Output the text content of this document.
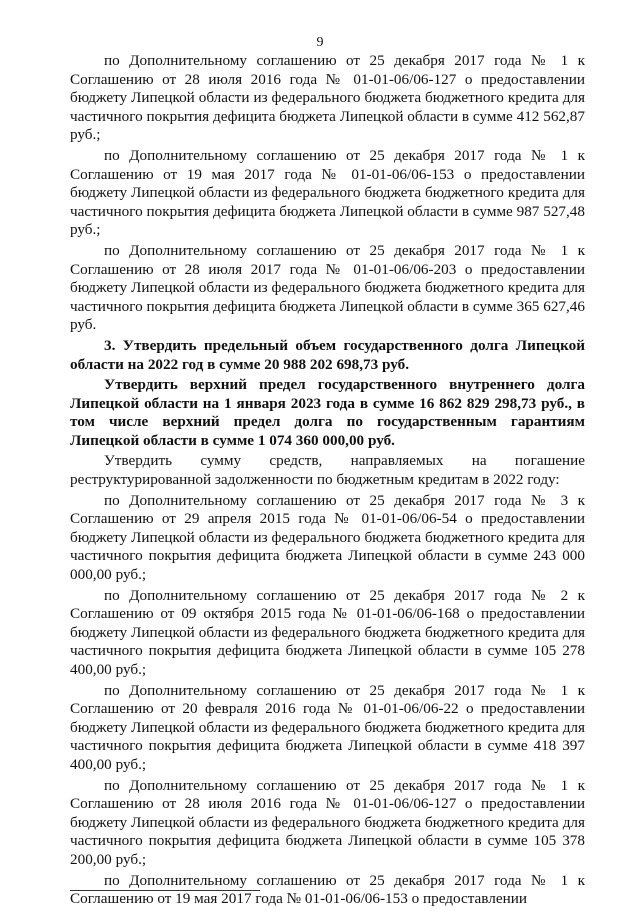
9

по Дополнительному соглашению от 25 декабря 2017 года № 1 к Соглашению от 28 июля 2016 года № 01-01-06/06-127 о предоставлении бюджету Липецкой области из федерального бюджета бюджетного кредита для частичного покрытия дефицита бюджета Липецкой области в сумме 412 562,87 руб.;

по Дополнительному соглашению от 25 декабря 2017 года № 1 к Соглашению от 19 мая 2017 года № 01-01-06/06-153 о предоставлении бюджету Липецкой области из федерального бюджета бюджетного кредита для частичного покрытия дефицита бюджета Липецкой области в сумме 987 527,48 руб.;

по Дополнительному соглашению от 25 декабря 2017 года № 1 к Соглашению от 28 июля 2017 года № 01-01-06/06-203 о предоставлении бюджету Липецкой области из федерального бюджета бюджетного кредита для частичного покрытия дефицита бюджета Липецкой области в сумме 365 627,46 руб.

3. Утвердить предельный объем государственного долга Липецкой области на 2022 год в сумме 20 988 202 698,73 руб.

Утвердить верхний предел государственного внутреннего долга Липецкой области на 1 января 2023 года в сумме 16 862 829 298,73 руб., в том числе верхний предел долга по государственным гарантиям Липецкой области в сумме 1 074 360 000,00 руб.

Утвердить сумму средств, направляемых на погашение реструктурированной задолженности по бюджетным кредитам в 2022 году:

по Дополнительному соглашению от 25 декабря 2017 года № 3 к Соглашению от 29 апреля 2015 года № 01-01-06/06-54 о предоставлении бюджету Липецкой области из федерального бюджета бюджетного кредита для частичного покрытия дефицита бюджета Липецкой области в сумме 243 000 000,00 руб.;

по Дополнительному соглашению от 25 декабря 2017 года № 2 к Соглашению от 09 октября 2015 года № 01-01-06/06-168 о предоставлении бюджету Липецкой области из федерального бюджета бюджетного кредита для частичного покрытия дефицита бюджета Липецкой области в сумме 105 278 400,00 руб.;

по Дополнительному соглашению от 25 декабря 2017 года № 1 к Соглашению от 20 февраля 2016 года № 01-01-06/06-22 о предоставлении бюджету Липецкой области из федерального бюджета бюджетного кредита для частичного покрытия дефицита бюджета Липецкой области в сумме 418 397 400,00 руб.;

по Дополнительному соглашению от 25 декабря 2017 года № 1 к Соглашению от 28 июля 2016 года № 01-01-06/06-127 о предоставлении бюджету Липецкой области из федерального бюджета бюджетного кредита для частичного покрытия дефицита бюджета Липецкой области в сумме 105 378 200,00 руб.;

по Дополнительному соглашению от 25 декабря 2017 года № 1 к Соглашению от 19 мая 2017 года № 01-01-06/06-153 о предоставлении
